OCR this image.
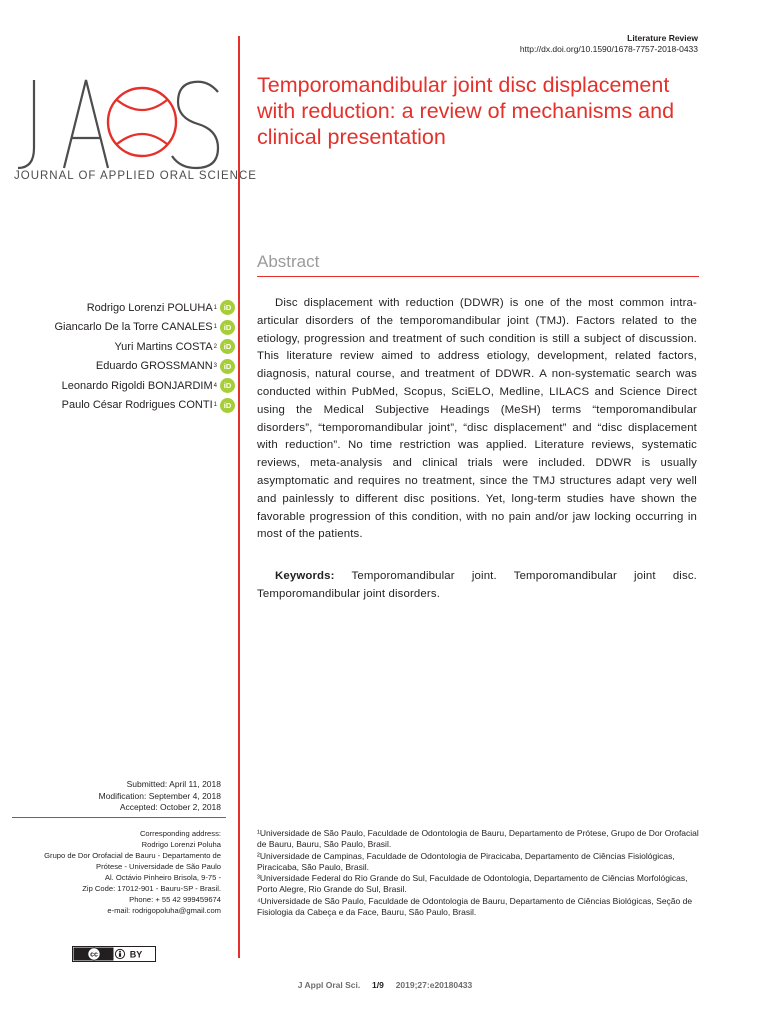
Literature Review
http://dx.doi.org/10.1590/1678-7757-2018-0433
JOURNAL OF APPLIED ORAL SCIENCE
Temporomandibular joint disc displacement with reduction: a review of mechanisms and clinical presentation
Abstract
Rodrigo Lorenzi POLUHA 1 iD
Giancarlo De la Torre CANALES 1 iD
Yuri Martins COSTA 2 iD
Eduardo GROSSMANN 3 iD
Leonardo Rigoldi BONJARDIM 4 iD
Paulo César Rodrigues CONTI 1 iD

Disc displacement with reduction (DDWR) is one of the most common intra-articular disorders of the temporomandibular joint (TMJ). Factors related to the etiology, progression and treatment of such condition is still a subject of discussion. This literature review aimed to address etiology, development, related factors, diagnosis, natural course, and treatment of DDWR. A non-systematic search was conducted within PubMed, Scopus, SciELO, Medline, LILACS and Science Direct using the Medical Subjective Headings (MeSH) terms “temporomandibular disorders”, “temporomandibular joint”, “disc displacement” and “disc displacement with reduction”. No time restriction was applied. Literature reviews, systematic reviews, meta-analysis and clinical trials were included. DDWR is usually asymptomatic and requires no treatment, since the TMJ structures adapt very well and painlessly to different disc positions. Yet, long-term studies have shown the favorable progression of this condition, with no pain and/or jaw locking occurring in most of the patients.

Keywords: Temporomandibular joint. Temporomandibular joint disc. Temporomandibular joint disorders.
Submitted: April 11, 2018
Modification: September 4, 2018
Accepted: October 2, 2018
Corresponding address:
Rodrigo Lorenzi Poluha
Grupo de Dor Orofacial de Bauru - Departamento de
Prótese - Universidade de São Paulo
Al. Octávio Pinheiro Brisola, 9-75 -
Zip Code: 17012-901 - Bauru-SP - Brasil.
Phone: + 55 42 999459674
e-mail: rodrigopoluha@gmail.com
¹Universidade de São Paulo, Faculdade de Odontologia de Bauru, Departamento de Prótese, Grupo de Dor Orofacial de Bauru, Bauru, São Paulo, Brasil.
²Universidade de Campinas, Faculdade de Odontologia de Piracicaba, Departamento de Ciências Fisiológicas, Piracicaba, São Paulo, Brasil.
³Universidade Federal do Rio Grande do Sul, Faculdade de Odontologia, Departamento de Ciências Morfológicas, Porto Alegre, Rio Grande do Sul, Brasil.
⁴Universidade de São Paulo, Faculdade de Odontologia de Bauru, Departamento de Ciências Biológicas, Seção de Fisiologia da Cabeça e da Face, Bauru, São Paulo, Brasil.
cc	BY
J Appl Oral Sci. 1/9 2019;27:e20180433
